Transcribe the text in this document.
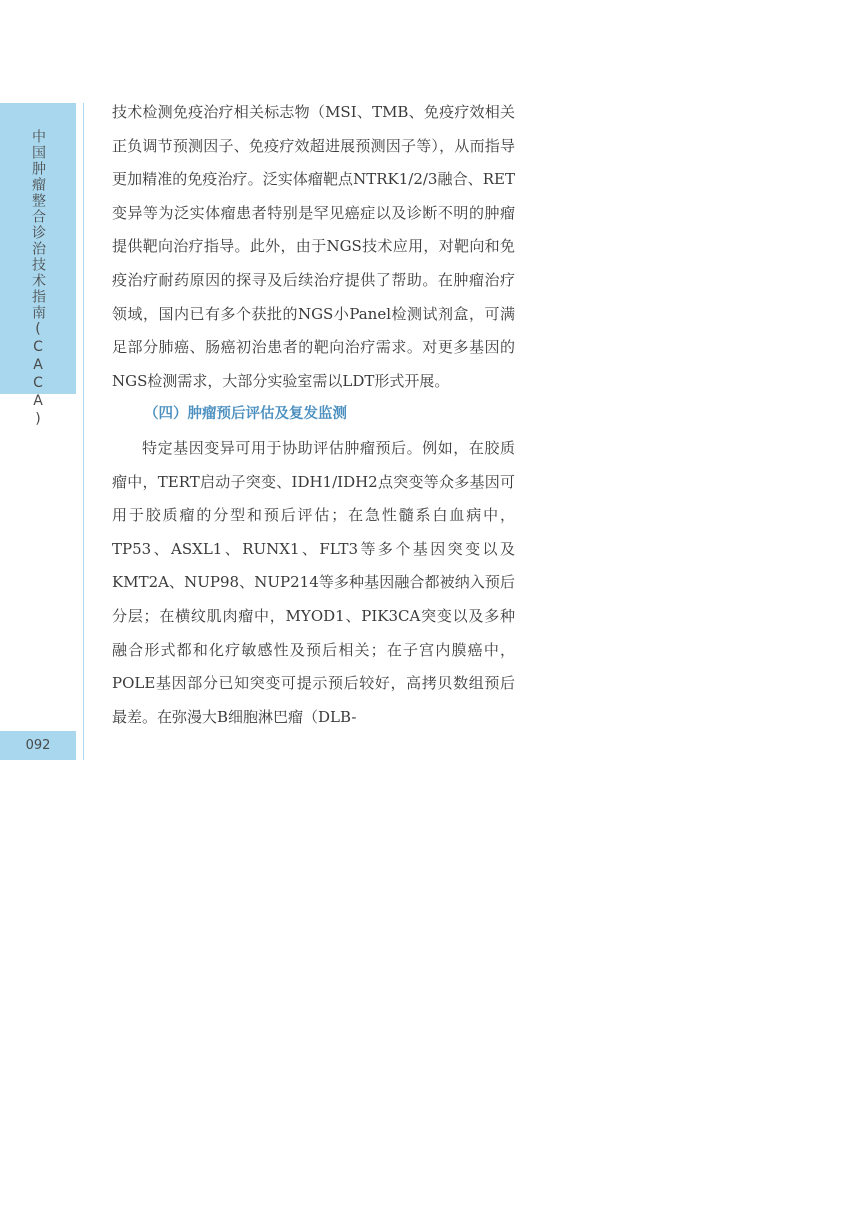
中国肿瘤整合诊治技术指南(CACA)
092

技术检测免疫治疗相关标志物（MSI、TMB、免疫疗效相关正负调节预测因子、免疫疗效超进展预测因子等），从而指导更加精准的免疫治疗。泛实体瘤靶点NTRK1/2/3融合、RET变异等为泛实体瘤患者特别是罕见癌症以及诊断不明的肿瘤提供靶向治疗指导。此外，由于NGS技术应用，对靶向和免疫治疗耐药原因的探寻及后续治疗提供了帮助。在肿瘤治疗领域，国内已有多个获批的NGS小Panel检测试剂盒，可满足部分肺癌、肠癌初治患者的靶向治疗需求。对更多基因的NGS检测需求，大部分实验室需以LDT形式开展。

（四）肿瘤预后评估及复发监测

特定基因变异可用于协助评估肿瘤预后。例如，在胶质瘤中，TERT启动子突变、IDH1/IDH2点突变等众多基因可用于胶质瘤的分型和预后评估；在急性髓系白血病中，TP53、ASXL1、RUNX1、FLT3等多个基因突变以及KMT2A、NUP98、NUP214等多种基因融合都被纳入预后分层；在横纹肌肉瘤中，MYOD1、PIK3CA突变以及多种融合形式都和化疗敏感性及预后相关；在子宫内膜癌中，POLE基因部分已知突变可提示预后较好，高拷贝数组预后最差。在弥漫大B细胞淋巴瘤（DLB-
